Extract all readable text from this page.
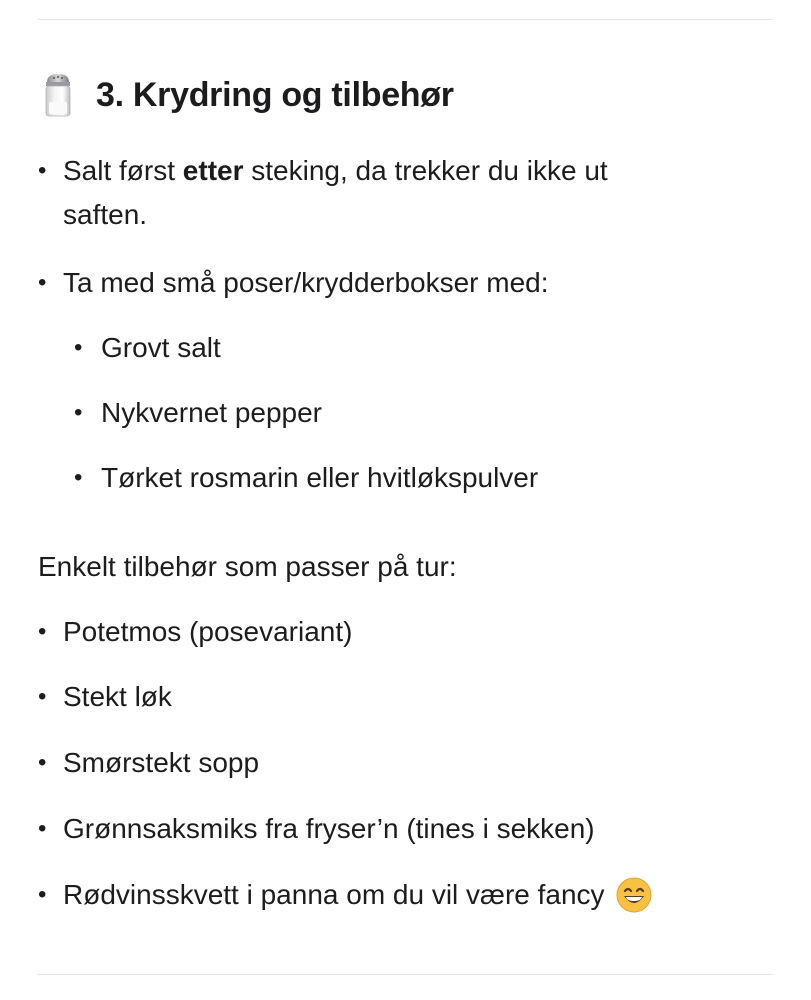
3. Krydring og tilbehør
• Salt først etter steking, da trekker du ikke ut
saften.
• Ta med små poser/krydderbokser med:
• Grovt salt
• Nykvernet pepper
• Tørket rosmarin eller hvitløkspulver
Enkelt tilbehør som passer på tur:
• Potetmos (posevariant)
• Stekt løk
• Smørstekt sopp
• Grønnsaksmiks fra fryser’n (tines i sekken)
• Rødvinsskvett i panna om du vil være fancy
